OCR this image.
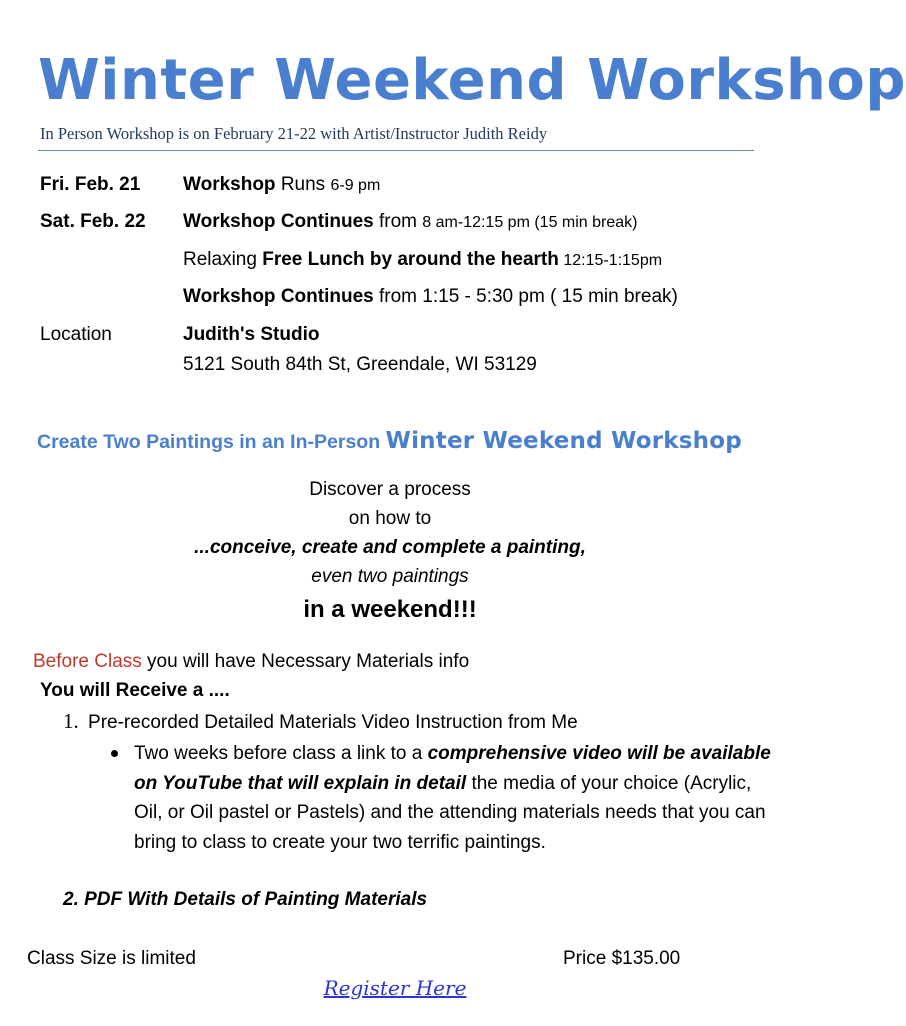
Winter Weekend Workshop
In Person Workshop is on February 21-22 with Artist/Instructor Judith Reidy
Fri. Feb. 21 Workshop Runs 6-9 pm
Sat. Feb. 22 Workshop Continues from 8 am-12:15 pm (15 min break)
Relaxing Free Lunch by around the hearth 12:15-1:15pm
Workshop Continues from 1:15 - 5:30 pm ( 15 min break)
Location	Judith's Studio
5121 South 84th St, Greendale, WI 53129
Create Two Paintings in an In-Person Winter Weekend Workshop
Discover a process
on how to
...conceive, create and complete a painting,
even two paintings
in a weekend!!!
Before Class you will have Necessary Materials info
You will Receive a ....
1. Pre-recorded Detailed Materials Video Instruction from Me
Two weeks before class a link to a comprehensive video will be available on YouTube that will explain in detail the media of your choice (Acrylic, Oil, or Oil pastel or Pastels) and the attending materials needs that you can bring to class to create your two terrific paintings.
2. PDF With Details of Painting Materials
Class Size is limited	Price $135.00
Register Here
